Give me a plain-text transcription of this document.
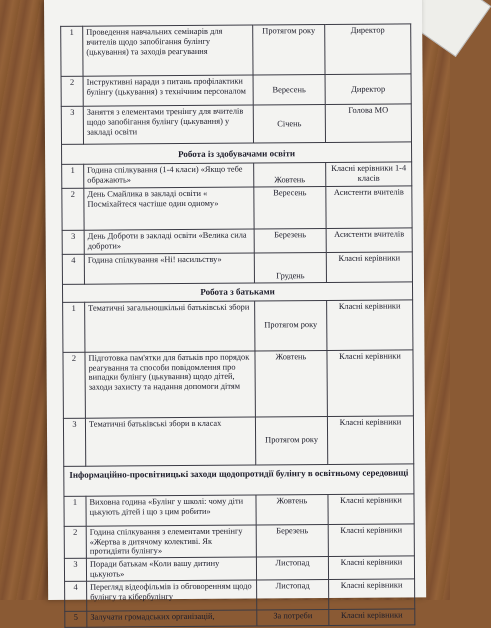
1	Проведення навчальних семінарів для вчителів щодо запобігання булінгу (цькування) та заходів реагування	Протягом року	Директор
2	Інструктивні наради з питань профілактики булінгу (цькування) з технічним персоналом	Вересень	Директор
3	Заняття з елементами тренінгу для вчителів щодо запобігання булінгу (цькування) у закладі освіти	Січень	Голова МО
Робота із здобувачами освіти			
1	Година спілкування (1-4 класи) «Якщо тебе ображають»	Жовтень	Класні керівники 1-4 класів
2	День Смайлика в закладі освіти « Посміхайтеся частіше один одному»	Вересень	Асистенти вчителів
3	День Доброти в закладі освіти «Велика сила доброти»	Березень	Асистенти вчителів
4	Година спілкування «Ні! насильству»	Грудень	Класні керівники
Робота з батьками			
1	Тематичні загальношкільні батьківські збори	Протягом року	Класні керівники
2	Підготовка пам'ятки для батьків про порядок реагування та способи повідомлення про випадки булінгу (цькування) щодо дітей, заходи захисту та надання допомоги дітям	Жовтень	Класні керівники
3	Тематичні батьківські збори в класах	Протягом року	Класні керівники
Інформаційно-просвітницькі заходи щодопротидії булінгу в освітньому середовищі			
1	Виховна година «Булінг у школі: чому діти цькують дітей і що з цим робити»	Жовтень	Класні керівники
2	Година спілкування з елементами тренінгу «Жертва в дитячому колективі. Як протидіяти булінгу»	Березень	Класні керівники
3	Поради батькам «Коли вашу дитину цькують»	Листопад	Класні керівники
4	Перегляд відеофільмів із обговоренням щодо булінгу та кібербулінгу	Листопад	Класні керівники
5	Залучати громадських організацій,	За потреби	Класні керівники
